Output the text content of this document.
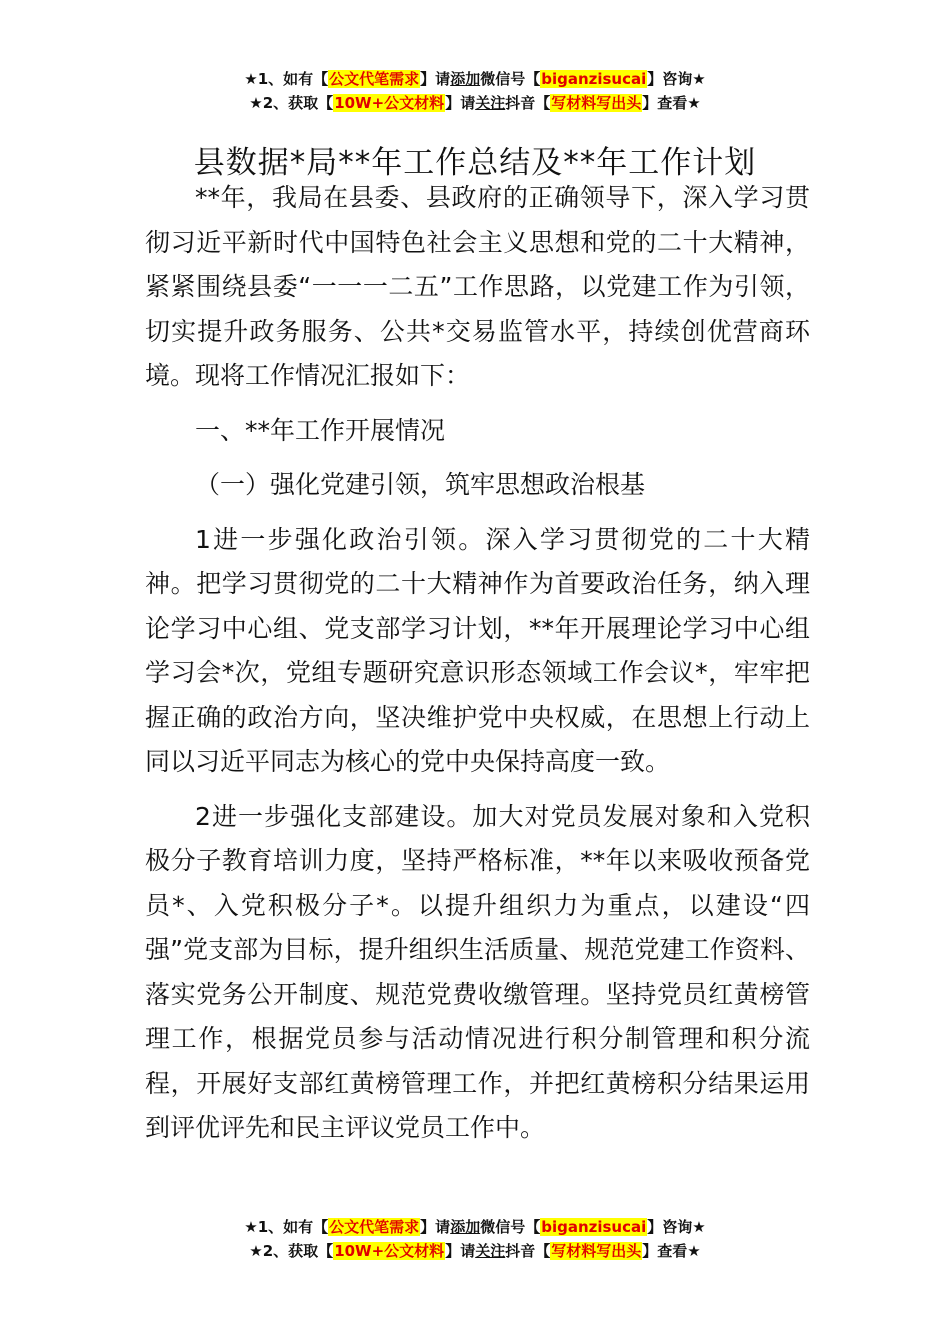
★1、如有【公文代笔需求】请添加微信号【biganzisucai】咨询★
★2、获取【10W+公文材料】请关注抖音【写材料写出头】查看★
县数据*局**年工作总结及**年工作计划

**年，我局在县委、县政府的正确领导下，深入学习贯彻习近平新时代中国特色社会主义思想和党的二十大精神，紧紧围绕县委“一一一二五”工作思路，以党建工作为引领，切实提升政务服务、公共*交易监管水平，持续创优营商环境。现将工作情况汇报如下：

一、**年工作开展情况

（一）强化党建引领，筑牢思想政治根基

1进一步强化政治引领。深入学习贯彻党的二十大精神。把学习贯彻党的二十大精神作为首要政治任务，纳入理论学习中心组、党支部学习计划，**年开展理论学习中心组学习会*次，党组专题研究意识形态领域工作会议*，牢牢把握正确的政治方向，坚决维护党中央权威，在思想上行动上同以习近平同志为核心的党中央保持高度一致。

2进一步强化支部建设。加大对党员发展对象和入党积极分子教育培训力度，坚持严格标准，**年以来吸收预备党员*、入党积极分子*。以提升组织力为重点，以建设“四强”党支部为目标，提升组织生活质量、规范党建工作资料、落实党务公开制度、规范党费收缴管理。坚持党员红黄榜管理工作，根据党员参与活动情况进行积分制管理和积分流程，开展好支部红黄榜管理工作，并把红黄榜积分结果运用到评优评先和民主评议党员工作中。

★1、如有【公文代笔需求】请添加微信号【biganzisucai】咨询★
★2、获取【10W+公文材料】请关注抖音【写材料写出头】查看★
